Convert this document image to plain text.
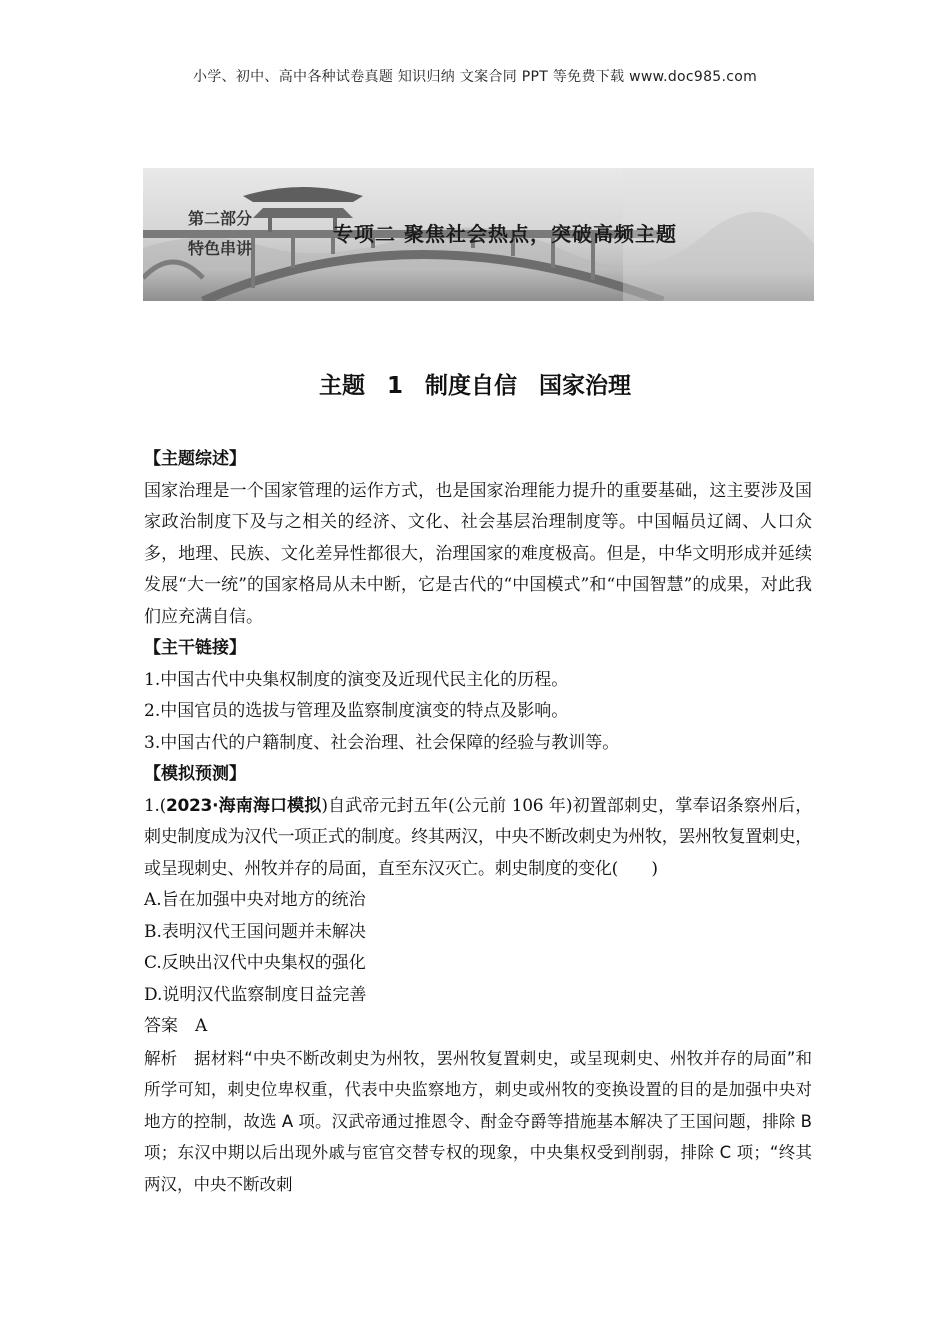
小学、初中、高中各种试卷真题 知识归纳 文案合同 PPT 等免费下载 www.doc985.com
第二部分
特色串讲
专项二 聚焦社会热点，突破高频主题
主题 1 制度自信 国家治理

【主题综述】

国家治理是一个国家管理的运作方式，也是国家治理能力提升的重要基础，这主要涉及国家政治制度下及与之相关的经济、文化、社会基层治理制度等。中国幅员辽阔、人口众多，地理、民族、文化差异性都很大，治理国家的难度极高。但是，中华文明形成并延续发展“大一统”的国家格局从未中断，它是古代的“中国模式”和“中国智慧”的成果，对此我们应充满自信。

【主干链接】

1.中国古代中央集权制度的演变及近现代民主化的历程。

2.中国官员的选拔与管理及监察制度演变的特点及影响。

3.中国古代的户籍制度、社会治理、社会保障的经验与教训等。

【模拟预测】

1.(2023·海南海口模拟)自武帝元封五年(公元前 106 年)初置部刺史，掌奉诏条察州后，刺史制度成为汉代一项正式的制度。终其两汉，中央不断改刺史为州牧，罢州牧复置刺史，或呈现刺史、州牧并存的局面，直至东汉灭亡。刺史制度的变化(　　)

A.旨在加强中央对地方的统治

B.表明汉代王国问题并未解决

C.反映出汉代中央集权的强化

D.说明汉代监察制度日益完善

答案　A

解析　据材料“中央不断改刺史为州牧，罢州牧复置刺史，或呈现刺史、州牧并存的局面”和所学可知，刺史位卑权重，代表中央监察地方，刺史或州牧的变换设置的目的是加强中央对地方的控制，故选 A 项。汉武帝通过推恩令、酎金夺爵等措施基本解决了王国问题，排除 B 项；东汉中期以后出现外戚与宦官交替专权的现象，中央集权受到削弱，排除 C 项；“终其两汉，中央不断改刺
